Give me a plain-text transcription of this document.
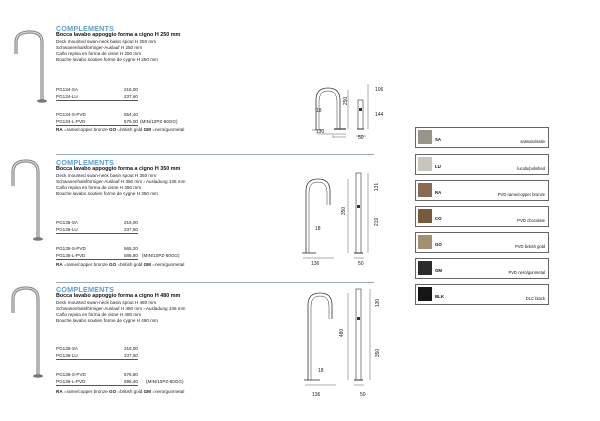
COMPLEMENTS
Bocca lavabo appoggio forma a cigno H 250 mm
Deck mounted swan-neck basin spout H 250 mm
Schwanenhalsförmiger-Auslauf H 250 mm
Caño repisa en forma de cisne H 250 mm
Bouche lavabo soutien forme de cygne H 250 mm
PG134-SA	216,00
PG134-LU	237,60
PG134-S-PVD	554,40
PG134-L-PVD	576,00 (MIN/10PZ-60GG)
RA =rame/copper bronze GO =british gold GM =nero/gunmetal
250
18
106
144
130
50
COMPLEMENTS
Bocca lavabo appoggio forma a cigno H 350 mm
Deck mounted swan-neck basin spout H 350 mm
Schwanenhalsförmiger-Auslauf H 350 mm › Ausladung 136 mm
Caño repisa en forma de cisne H 350 mm
Bouche lavabo soutien forme de cygne H 350 mm
PG135-SA	216,00
PG135-LU	237,60
PG135-S-PVD	565,20
PG135-L-PVD	586,80 (MIN/10PZ-60GG)
RA =rame/copper bronze GO =british gold GM =nero/gunmetal
350
18
131
219
136	50
COMPLEMENTS
Bocca lavabo appoggio forma a cigno H 480 mm
Deck mounted swan-neck basin spout H 480 mm
Schwanenhalsförmiger-Auslauf H 480 mm › Ausladung 136 mm
Caño repisa en forma de cisne H 480 mm
Bouche lavabo soutien forme de cygne H 480 mm
PG136-SA	216,00
PG136-LU	237,60
PG136-S-PVD	676,80
PG136-L-PVD	698,40 (MIN/10PZ-60GG)
RA =rame/copper bronze GO =british gold GM =nero/gunmetal
480
18
130
350
136	50
SA	satinato/satin
LU	lucido/polished
RA	PVD rame/copper bronze
CO	PVD chocolate
GO	PVD british gold
GM	PVD nero/gunmetal
BLK	DLC black
